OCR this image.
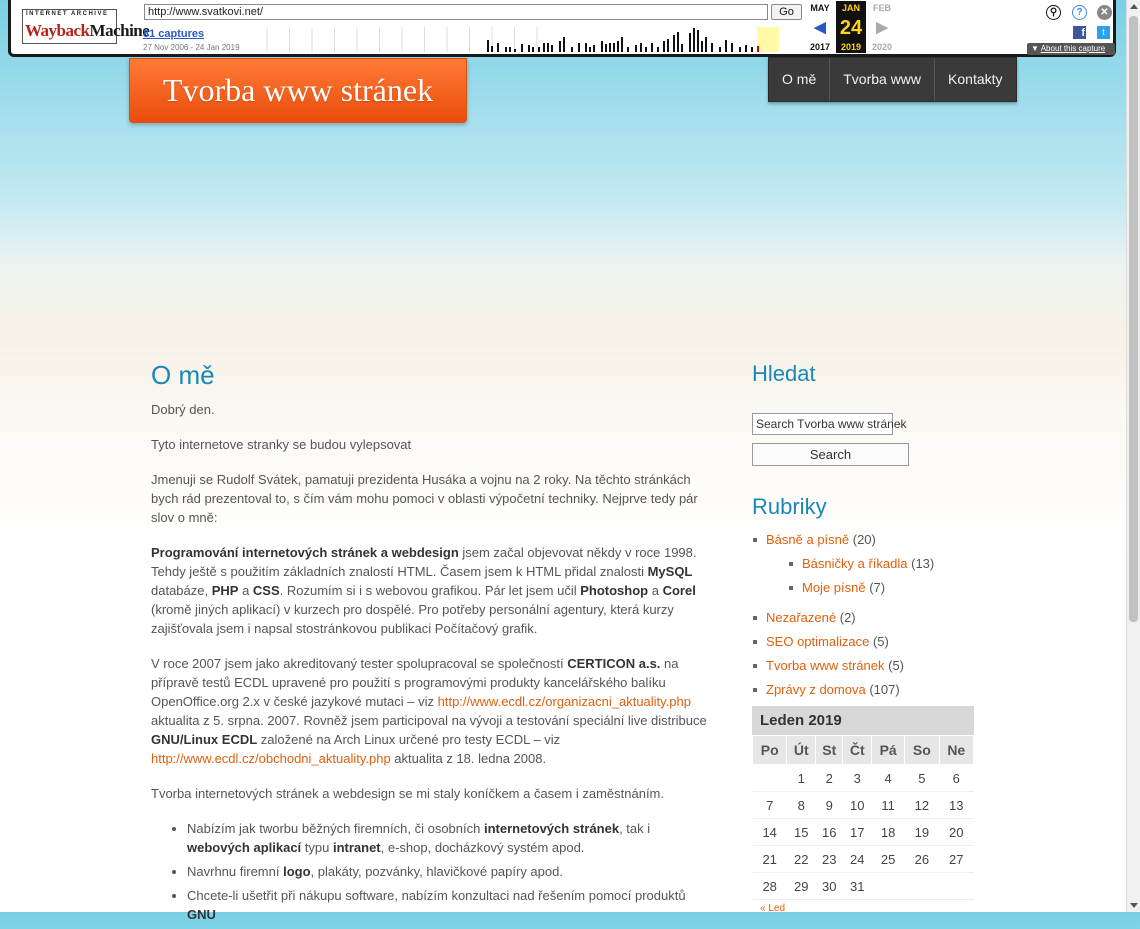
INTERNET ARCHIVE
WaybackMachine
http://www.svatkovi.net/	Go
81 captures
27 Nov 2006 - 24 Jan 2019
MAY
◀
2017
JAN
24
2019
FEB
▶
2020
⚲	?	✕
f	t
▼ About this capture
Tvorba www stránek	O mě	Tvorba www	Kontakty
O mě

Dobrý den.

Tyto internetove stranky se budou vylepsovat

Jmenuji se Rudolf Svátek, pamatuji prezidenta Husáka a vojnu na 2 roky. Na těchto stránkách bych rád prezentoval to, s čím vám mohu pomoci v oblasti výpočetní techniky. Nejprve tedy pár slov o mně:

Programování internetových stránek a webdesign jsem začal objevovat někdy v roce 1998. Tehdy ještě s použitím základních znalostí HTML. Časem jsem k HTML přidal znalosti MySQL databáze, PHP a CSS. Rozumím si i s webovou grafikou. Pár let jsem učil Photoshop a Corel (kromě jiných aplikací) v kurzech pro dospělé. Pro potřeby personální agentury, která kurzy zajišťovala jsem i napsal stostránkovou publikaci Počítačový grafik.

V roce 2007 jsem jako akreditovaný tester spolupracoval se společností CERTICON a.s. na přípravě testů ECDL upravené pro použití s programovými produkty kancelářského balíku OpenOffice.org 2.x v české jazykové mutaci – viz http://www.ecdl.cz/organizacni_aktuality.php aktualita z 5. srpna. 2007. Rovněž jsem participoval na vývoji a testování speciální live distribuce GNU/Linux ECDL založené na Arch Linux určené pro testy ECDL – viz http://www.ecdl.cz/obchodni_aktuality.php aktualita z 18. ledna 2008.

Tvorba internetových stránek a webdesign se mi staly koníčkem a časem i zaměstnáním.

• Nabízím jak tworbu běžných firemních, či osobních internetových stránek, tak i webových aplikací typu intranet, e-shop, docházkový systém apod.
• Navrhnu firemní logo, plakáty, pozvánky, hlavičkové papíry apod.
• Chcete-li ušetřit při nákupu software, nabízím konzultaci nad řešením pomocí produktů GNU
Hledat
Search Tvorba www stránek
Search
Rubriky
Básně a písně (20)
Básničky a říkadla (13)
Moje písně (7)
Nezařazené (2)
SEO optimalizace (5)
Tvorba www stránek (5)
Zprávy z domova (107)
Leden 2019
Po	Út	St	Čt	Pá	So	Ne
	1	2	3	4	5	6
7	8	9	10	11	12	13
14	15	16	17	18	19	20
21	22	23	24	25	26	27
28	29	30	31			
« Led
